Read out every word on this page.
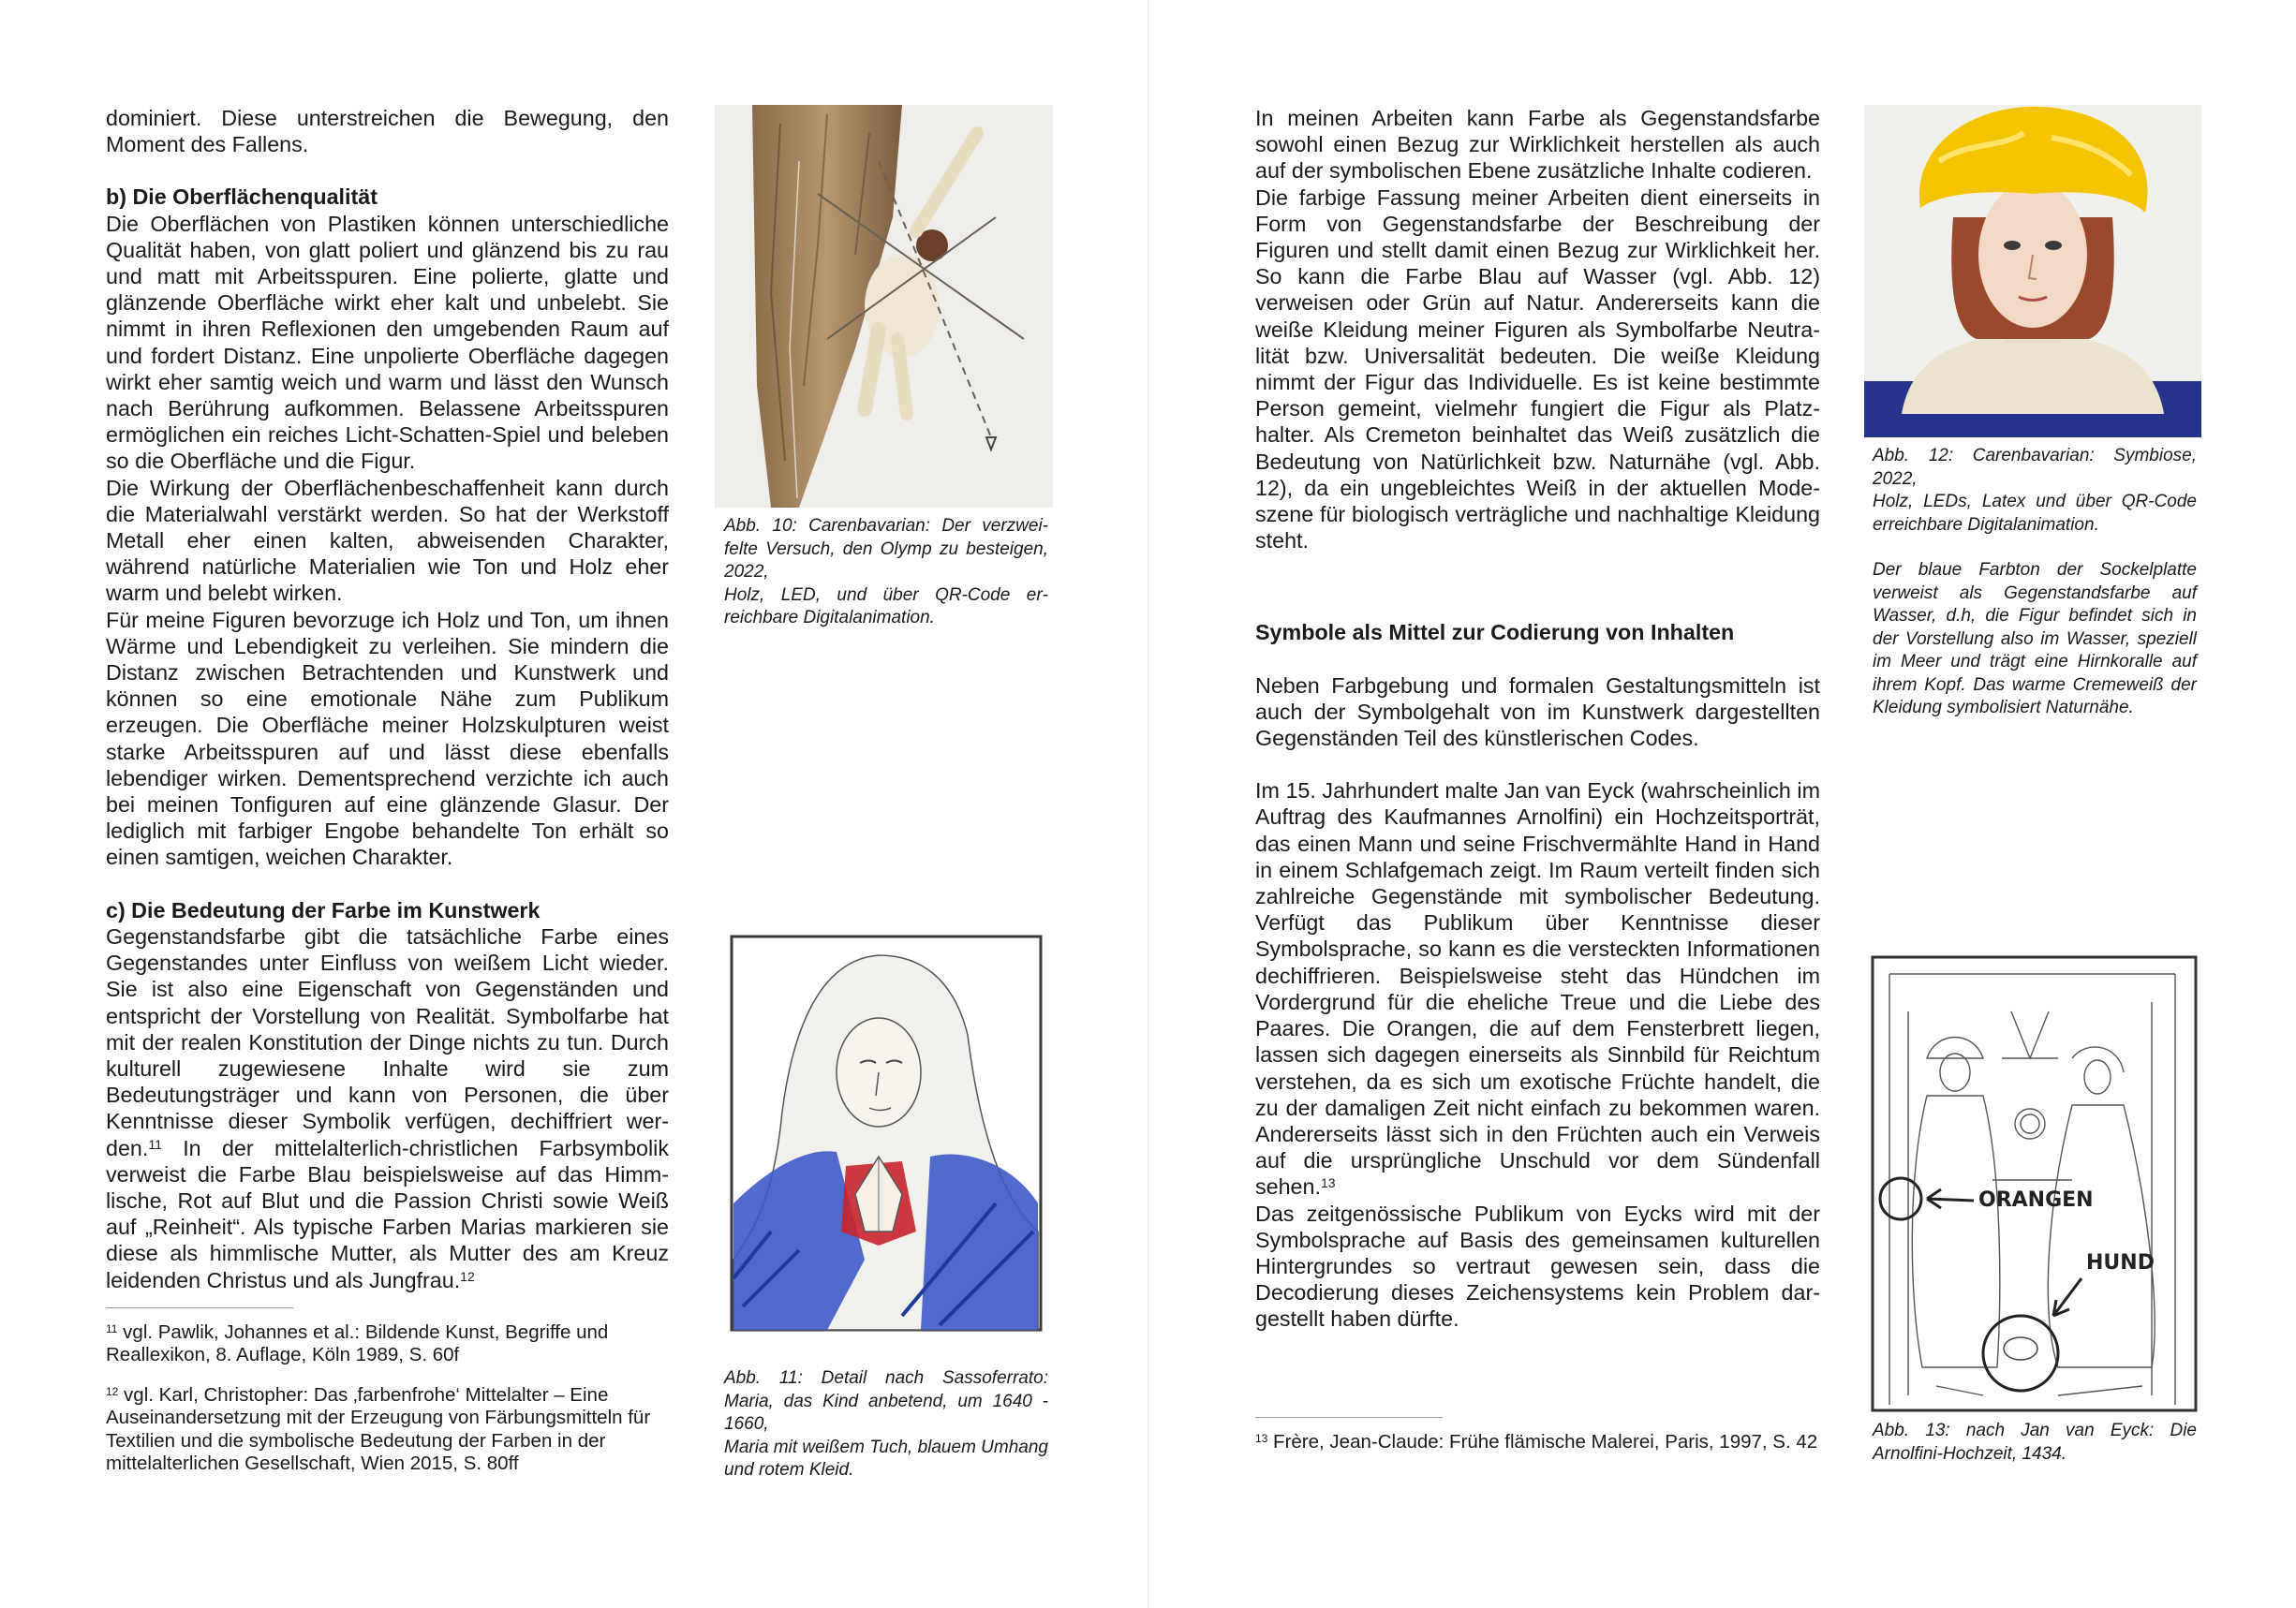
dominiert. Diese unterstreichen die Bewegung, den Moment des Fallens.

b) Die Oberflächenqualität

Die Oberflächen von Plastiken können unterschiedliche Qualität haben, von glatt poliert und glänzend bis zu rau und matt mit Arbeitsspuren. Eine polierte, glatte und glänzende Oberfläche wirkt eher kalt und unbelebt. Sie nimmt in ihren Reflexionen den umgebenden Raum auf und fordert Distanz. Eine unpolierte Oberfläche dagegen wirkt eher samtig weich und warm und lässt den Wunsch nach Berührung aufkommen. Belassene Arbeitsspuren ermöglichen ein reiches Licht-Schatten-Spiel und beleben so die Oberfläche und die Figur.

Die Wirkung der Oberflächenbeschaffenheit kann durch die Materialwahl verstärkt werden. So hat der Werkstoff Metall eher einen kalten, abweisenden Charakter, während natürliche Materialien wie Ton und Holz eher warm und belebt wirken.

Für meine Figuren bevorzuge ich Holz und Ton, um ihnen Wärme und Lebendigkeit zu verleihen. Sie mindern die Distanz zwischen Betrachtenden und Kunstwerk und können so eine emotionale Nähe zum Publikum erzeugen. Die Oberfläche meiner Holzskulpturen weist starke Arbeitsspuren auf und lässt diese ebenfalls lebendiger wirken. Dementsprechend verzichte ich auch bei meinen Tonfiguren auf eine glänzende Glasur. Der lediglich mit farbiger Engobe behandelte Ton erhält so einen samtigen, weichen Charakter.

c) Die Bedeutung der Farbe im Kunstwerk

Gegenstandsfarbe gibt die tatsächliche Farbe eines Gegenstandes unter Einfluss von weißem Licht wieder. Sie ist also eine Eigenschaft von Gegenständen und entspricht der Vorstellung von Realität. Symbolfarbe hat mit der realen Konstitution der Dinge nichts zu tun. Durch kulturell zugewiesene Inhalte wird sie zum Bedeutungsträger und kann von Personen, die über Kenntnisse dieser Symbolik verfügen, dechiffriert werden.$^{11}$ In der mittelalterlich-christlichen Farbsymbolik verweist die Farbe Blau beispielsweise auf das Himmlische, Rot auf Blut und die Passion Christi sowie Weiß auf „Reinheit“. Als typische Farben Marias markieren sie diese als himmlische Mutter, als Mutter des am Kreuz leidenden Christus und als Jungfrau.$^{12}$

$^{11}$ vgl. Pawlik, Johannes et al.: Bildende Kunst, Begriffe und Reallexikon, 8. Auflage, Köln 1989, S. 60f

$^{12}$ vgl. Karl, Christopher: Das ‚farbenfrohe‘ Mittelalter – Eine Auseinandersetzung mit der Erzeugung von Färbungsmitteln für Textilien und die symbolische Bedeutung der Farben in der mittelalterlichen Gesellschaft, Wien 2015, S. 80ff

Abb. 10: Carenbavarian: Der verzweifelte Versuch, den Olymp zu besteigen, 2022,

Holz, LED, und über QR-Code erreichbare Digitalanimation.

Abb. 11: Detail nach Sassoferrato: Maria, das Kind anbetend, um 1640 - 1660,

Maria mit weißem Tuch, blauem Umhang und rotem Kleid.

In meinen Arbeiten kann Farbe als Gegenstandsfarbe sowohl einen Bezug zur Wirklichkeit herstellen als auch auf der symbolischen Ebene zusätzliche Inhalte codieren.

Die farbige Fassung meiner Arbeiten dient einerseits in Form von Gegenstandsfarbe der Beschreibung der Figuren und stellt damit einen Bezug zur Wirklichkeit her. So kann die Farbe Blau auf Wasser (vgl. Abb. 12) verweisen oder Grün auf Natur. Andererseits kann die weiße Kleidung meiner Figuren als Symbolfarbe Neutralität bzw. Universalität bedeuten. Die weiße Kleidung nimmt der Figur das Individuelle. Es ist keine bestimmte Person gemeint, vielmehr fungiert die Figur als Platzhalter. Als Cremeton beinhaltet das Weiß zusätzlich die Bedeutung von Natürlichkeit bzw. Naturnähe (vgl. Abb. 12), da ein ungebleichtes Weiß in der aktuellen Modeszene für biologisch verträgliche und nachhaltige Kleidung steht.

Symbole als Mittel zur Codierung von Inhalten

Neben Farbgebung und formalen Gestaltungsmitteln ist auch der Symbolgehalt von im Kunstwerk dargestellten Gegenständen Teil des künstlerischen Codes.

Im 15. Jahrhundert malte Jan van Eyck (wahrscheinlich im Auftrag des Kaufmannes Arnolfini) ein Hochzeitsporträt, das einen Mann und seine Frischvermählte Hand in Hand in einem Schlafgemach zeigt. Im Raum verteilt finden sich zahlreiche Gegenstände mit symbolischer Bedeutung. Verfügt das Publikum über Kenntnisse dieser Symbolsprache, so kann es die versteckten Informationen dechiffrieren. Beispielsweise steht das Hündchen im Vordergrund für die eheliche Treue und die Liebe des Paares. Die Orangen, die auf dem Fensterbrett liegen, lassen sich dagegen einerseits als Sinnbild für Reichtum verstehen, da es sich um exotische Früchte handelt, die zu der damaligen Zeit nicht einfach zu bekommen waren. Andererseits lässt sich in den Früchten auch ein Verweis auf die ursprüngliche Unschuld vor dem Sündenfall sehen.$^{13}$

Das zeitgenössische Publikum von Eycks wird mit der Symbolsprache auf Basis des gemeinsamen kulturellen Hintergrundes so vertraut gewesen sein, dass die Decodierung dieses Zeichensystems kein Problem dargestellt haben dürfte.

$^{13}$ Frère, Jean-Claude: Frühe flämische Malerei, Paris, 1997, S. 42

Abb. 12: Carenbavarian: Symbiose, 2022,

Holz, LEDs, Latex und über QR-Code erreichbare Digitalanimation.

Der blaue Farbton der Sockelplatte verweist als Gegenstandsfarbe auf Wasser, d.h, die Figur befindet sich in der Vorstellung also im Wasser, speziell im Meer und trägt eine Hirnkoralle auf ihrem Kopf. Das warme Cremeweiß der Kleidung symbolisiert Naturnähe.

ORANGEN
HUND

Abb. 13: nach Jan van Eyck: Die Arnolfini-Hochzeit, 1434.
